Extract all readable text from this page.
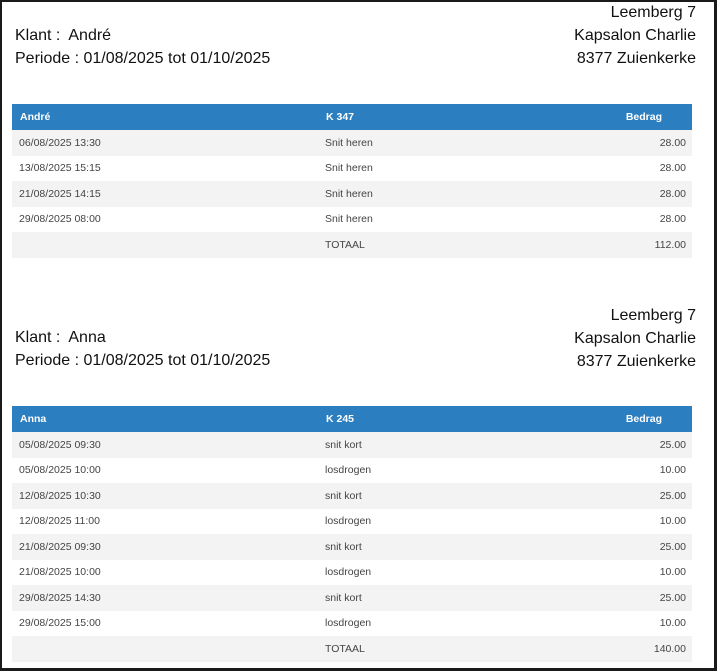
Klant : André
Periode : 01/08/2025 tot 01/10/2025
Leemberg 7
Kapsalon Charlie
8377 Zuienkerke
André	K 347	Bedrag
06/08/2025 13:30	Snit heren	28.00
13/08/2025 15:15	Snit heren	28.00
21/08/2025 14:15	Snit heren	28.00
29/08/2025 08:00	Snit heren	28.00
	TOTAAL	112.00
Klant : Anna
Periode : 01/08/2025 tot 01/10/2025
Leemberg 7
Kapsalon Charlie
8377 Zuienkerke
Anna	K 245	Bedrag
05/08/2025 09:30	snit kort	25.00
05/08/2025 10:00	losdrogen	10.00
12/08/2025 10:30	snit kort	25.00
12/08/2025 11:00	losdrogen	10.00
21/08/2025 09:30	snit kort	25.00
21/08/2025 10:00	losdrogen	10.00
29/08/2025 14:30	snit kort	25.00
29/08/2025 15:00	losdrogen	10.00
	TOTAAL	140.00
